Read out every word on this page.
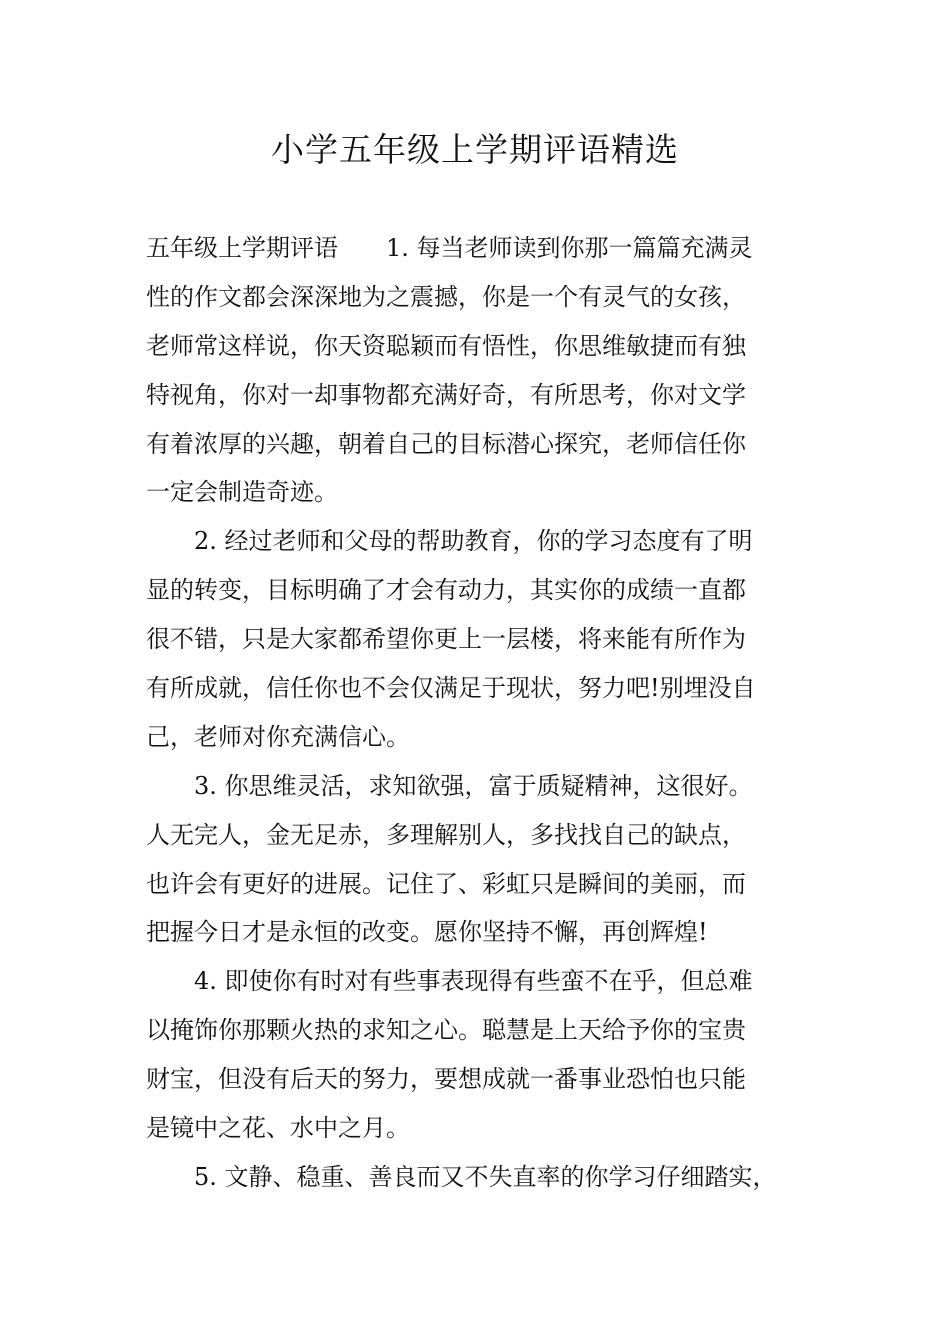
小学五年级上学期评语精选
五年级上学期评语　　1. 每当老师读到你那一篇篇充满灵
性的作文都会深深地为之震撼，你是一个有灵气的女孩，
老师常这样说，你天资聪颖而有悟性，你思维敏捷而有独
特视角，你对一却事物都充满好奇，有所思考，你对文学
有着浓厚的兴趣，朝着自己的目标潜心探究，老师信任你
一定会制造奇迹。
2. 经过老师和父母的帮助教育，你的学习态度有了明
显的转变，目标明确了才会有动力，其实你的成绩一直都
很不错，只是大家都希望你更上一层楼，将来能有所作为
有所成就，信任你也不会仅满足于现状，努力吧!别埋没自
己，老师对你充满信心。
3. 你思维灵活，求知欲强，富于质疑精神，这很好。
人无完人，金无足赤，多理解别人，多找找自己的缺点，
也许会有更好的进展。记住了、彩虹只是瞬间的美丽，而
把握今日才是永恒的改变。愿你坚持不懈，再创辉煌!
4. 即使你有时对有些事表现得有些蛮不在乎，但总难
以掩饰你那颗火热的求知之心。聪慧是上天给予你的宝贵
财宝，但没有后天的努力，要想成就一番事业恐怕也只能
是镜中之花、水中之月。
5. 文静、稳重、善良而又不失直率的你学习仔细踏实，
